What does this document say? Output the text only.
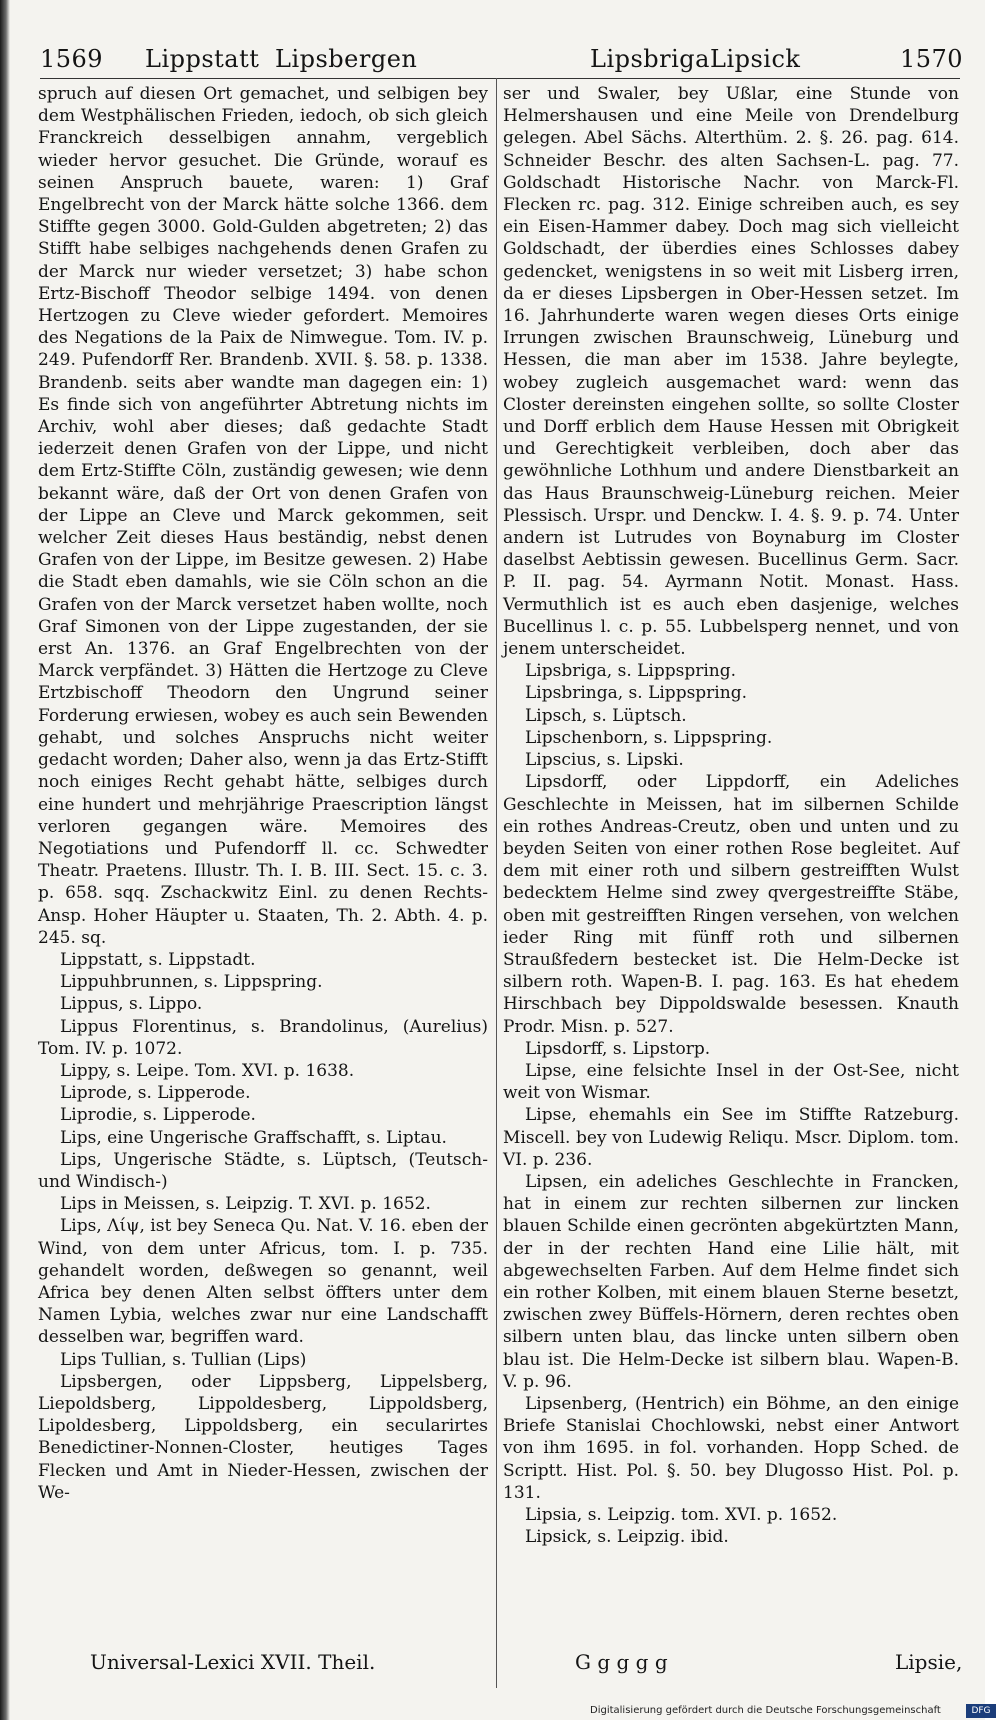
1569 Lippstatt Lipsbergen	Lipsbriga Lipsick	1570

spruch auf diesen Ort gemachet, und selbigen bey dem Westphälischen Frieden, iedoch, ob sich gleich Franckreich desselbigen annahm, vergeblich wieder hervor gesuchet. Die Gründe, worauf es seinen Anspruch bauete, waren: 1) Graf Engelbrecht von der Marck hätte solche 1366. dem Stiffte gegen 3000. Gold-Gulden abgetreten; 2) das Stifft habe selbiges nachgehends denen Grafen zu der Marck nur wieder versetzet; 3) habe schon Ertz-Bischoff Theodor selbige 1494. von denen Hertzogen zu Cleve wieder gefordert. Memoires des Negations de la Paix de Nimwegue. Tom. IV. p. 249. Pufendorff Rer. Brandenb. XVII. §. 58. p. 1338. Brandenb. seits aber wandte man dagegen ein: 1) Es finde sich von angeführter Abtretung nichts im Archiv, wohl aber dieses; daß gedachte Stadt iederzeit denen Grafen von der Lippe, und nicht dem Ertz-Stiffte Cöln, zuständig gewesen; wie denn bekannt wäre, daß der Ort von denen Grafen von der Lippe an Cleve und Marck gekommen, seit welcher Zeit dieses Haus beständig, nebst denen Grafen von der Lippe, im Besitze gewesen. 2) Habe die Stadt eben damahls, wie sie Cöln schon an die Grafen von der Marck versetzet haben wollte, noch Graf Simonen von der Lippe zugestanden, der sie erst An. 1376. an Graf Engelbrechten von der Marck verpfändet. 3) Hätten die Hertzoge zu Cleve Ertzbischoff Theodorn den Ungrund seiner Forderung erwiesen, wobey es auch sein Bewenden gehabt, und solches Anspruchs nicht weiter gedacht worden; Daher also, wenn ja das Ertz-Stifft noch einiges Recht gehabt hätte, selbiges durch eine hundert und mehrjährige Praescription längst verloren gegangen wäre. Memoires des Negotiations und Pufendorff ll. cc. Schwedter Theatr. Praetens. Illustr. Th. I. B. III. Sect. 15. c. 3. p. 658. sqq. Zschackwitz Einl. zu denen Rechts-Ansp. Hoher Häupter u. Staaten, Th. 2. Abth. 4. p. 245. sq.

Lippstatt, s. Lippstadt.

Lippuhbrunnen, s. Lippspring.

Lippus, s. Lippo.

Lippus Florentinus, s. Brandolinus, (Aurelius) Tom. IV. p. 1072.

Lippy, s. Leipe. Tom. XVI. p. 1638.

Liprode, s. Lipperode.

Liprodie, s. Lipperode.

Lips, eine Ungerische Graffschafft, s. Liptau.

Lips, Ungerische Städte, s. Lüptsch, (Teutsch- und Windisch-)

Lips in Meissen, s. Leipzig. T. XVI. p. 1652.

Lips, Λίψ, ist bey Seneca Qu. Nat. V. 16. eben der Wind, von dem unter Africus, tom. I. p. 735. gehandelt worden, deßwegen so genannt, weil Africa bey denen Alten selbst öffters unter dem Namen Lybia, welches zwar nur eine Landschafft desselben war, begriffen ward.

Lips Tullian, s. Tullian (Lips)

Lipsbergen, oder Lippsberg, Lippelsberg, Liepoldsberg, Lippoldesberg, Lippoldsberg, Lipoldesberg, Lippoldsberg, ein secularirtes Benedictiner-Nonnen-Closter, heutiges Tages Flecken und Amt in Nieder-Hessen, zwischen der We-

ser und Swaler, bey Ußlar, eine Stunde von Helmershausen und eine Meile von Drendelburg gelegen. Abel Sächs. Alterthüm. 2. §. 26. pag. 614. Schneider Beschr. des alten Sachsen-L. pag. 77. Goldschadt Historische Nachr. von Marck-Fl. Flecken rc. pag. 312. Einige schreiben auch, es sey ein Eisen-Hammer dabey. Doch mag sich vielleicht Goldschadt, der überdies eines Schlosses dabey gedencket, wenigstens in so weit mit Lisberg irren, da er dieses Lipsbergen in Ober-Hessen setzet. Im 16. Jahrhunderte waren wegen dieses Orts einige Irrungen zwischen Braunschweig, Lüneburg und Hessen, die man aber im 1538. Jahre beylegte, wobey zugleich ausgemachet ward: wenn das Closter dereinsten eingehen sollte, so sollte Closter und Dorff erblich dem Hause Hessen mit Obrigkeit und Gerechtigkeit verbleiben, doch aber das gewöhnliche Lothhum und andere Dienstbarkeit an das Haus Braunschweig-Lüneburg reichen. Meier Plessisch. Urspr. und Denckw. I. 4. §. 9. p. 74. Unter andern ist Lutrudes von Boynaburg im Closter daselbst Aebtissin gewesen. Bucellinus Germ. Sacr. P. II. pag. 54. Ayrmann Notit. Monast. Hass. Vermuthlich ist es auch eben dasjenige, welches Bucellinus l. c. p. 55. Lubbelsperg nennet, und von jenem unterscheidet.

Lipsbriga, s. Lippspring.

Lipsbringa, s. Lippspring.

Lipsch, s. Lüptsch.

Lipschenborn, s. Lippspring.

Lipscius, s. Lipski.

Lipsdorff, oder Lippdorff, ein Adeliches Geschlechte in Meissen, hat im silbernen Schilde ein rothes Andreas-Creutz, oben und unten und zu beyden Seiten von einer rothen Rose begleitet. Auf dem mit einer roth und silbern gestreifften Wulst bedecktem Helme sind zwey qvergestreiffte Stäbe, oben mit gestreifften Ringen versehen, von welchen ieder Ring mit fünff roth und silbernen Straußfedern bestecket ist. Die Helm-Decke ist silbern roth. Wapen-B. I. pag. 163. Es hat ehedem Hirschbach bey Dippoldswalde besessen. Knauth Prodr. Misn. p. 527.

Lipsdorff, s. Lipstorp.

Lipse, eine felsichte Insel in der Ost-See, nicht weit von Wismar.

Lipse, ehemahls ein See im Stiffte Ratzeburg. Miscell. bey von Ludewig Reliqu. Mscr. Diplom. tom. VI. p. 236.

Lipsen, ein adeliches Geschlechte in Francken, hat in einem zur rechten silbernen zur lincken blauen Schilde einen gecrönten abgekürtzten Mann, der in der rechten Hand eine Lilie hält, mit abgewechselten Farben. Auf dem Helme findet sich ein rother Kolben, mit einem blauen Sterne besetzt, zwischen zwey Büffels-Hörnern, deren rechtes oben silbern unten blau, das lincke unten silbern oben blau ist. Die Helm-Decke ist silbern blau. Wapen-B. V. p. 96.

Lipsenberg, (Hentrich) ein Böhme, an den einige Briefe Stanislai Chochlowski, nebst einer Antwort von ihm 1695. in fol. vorhanden. Hopp Sched. de Scriptt. Hist. Pol. §. 50. bey Dlugosso Hist. Pol. p. 131.

Lipsia, s. Leipzig. tom. XVI. p. 1652.

Lipsick, s. Leipzig. ibid.

Universal-Lexici XVII. Theil.	G g g g g	Lipsie,
Digitalisierung gefördert durch die Deutsche Forschungsgemeinschaft	DFG
